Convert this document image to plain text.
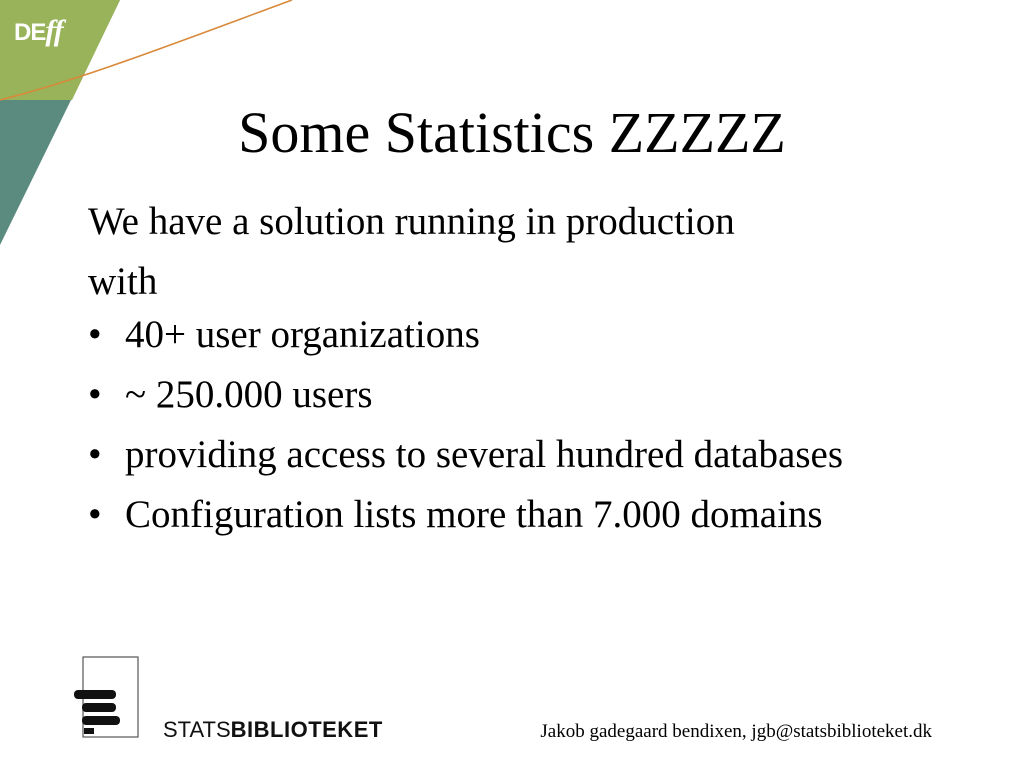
DEff
Some Statistics ZZZZZ
We have a solution running in production
with
• 40+ user organizations
• ~ 250.000 users
• providing access to several hundred databases
• Configuration lists more than 7.000 domains
STATSBIBLIOTEKET	Jakob gadegaard bendixen, jgb@statsbiblioteket.dk
